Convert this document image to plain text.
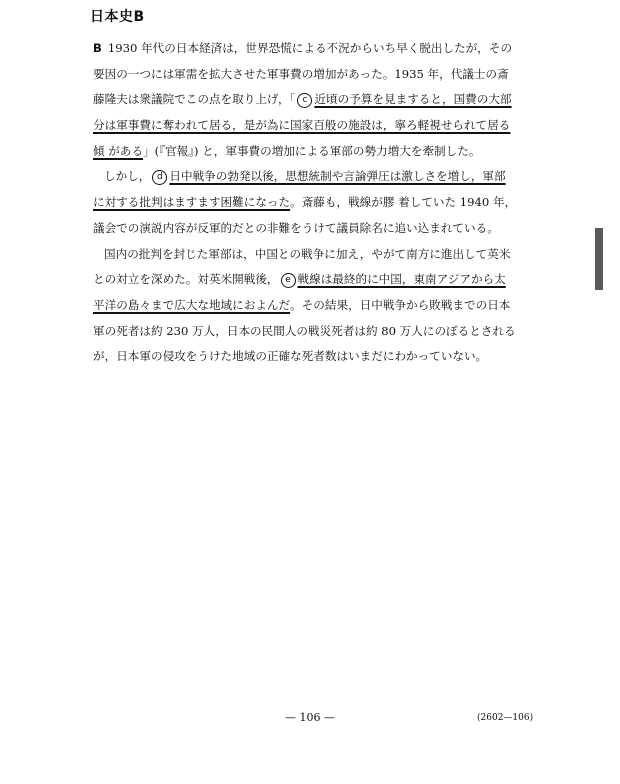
日本史B
B 1930 年代の日本経済は，世界恐慌による不況からいち早く脱出したが，その
要因の一つには軍需を拡大させた軍事費の増加があった。1935 年，代議士の斎
藤隆夫は衆議院でこの点を取り上げ，「 c 近頃の予算を見ますると，国費の大部
分は軍事費に奪われて居る，是が為に国家百般の施設は，寧ろ軽視せられて居る
傾 がある」(『官報』) と，軍事費の増加による軍部の勢力増大を牽制した。
しかし， d 日中戦争の勃発以後，思想統制や言論弾圧は激しさを増し，軍部
に対する批判はますます困難になった。斎藤も，戦線が膠 着していた 1940 年，
議会での演説内容が反軍的だとの非難をうけて議員除名に追い込まれている。
国内の批判を封じた軍部は，中国との戦争に加え，やがて南方に進出して英米
との対立を深めた。対英米開戦後， e 戦線は最終的に中国，東南アジアから太
平洋の島々まで広大な地域におよんだ。その結果，日中戦争から敗戦までの日本
軍の死者は約 230 万人，日本の民間人の戦災死者は約 80 万人にのぼるとされる
が，日本軍の侵攻をうけた地域の正確な死者数はいまだにわかっていない。
— 106 —	(2602—106)
